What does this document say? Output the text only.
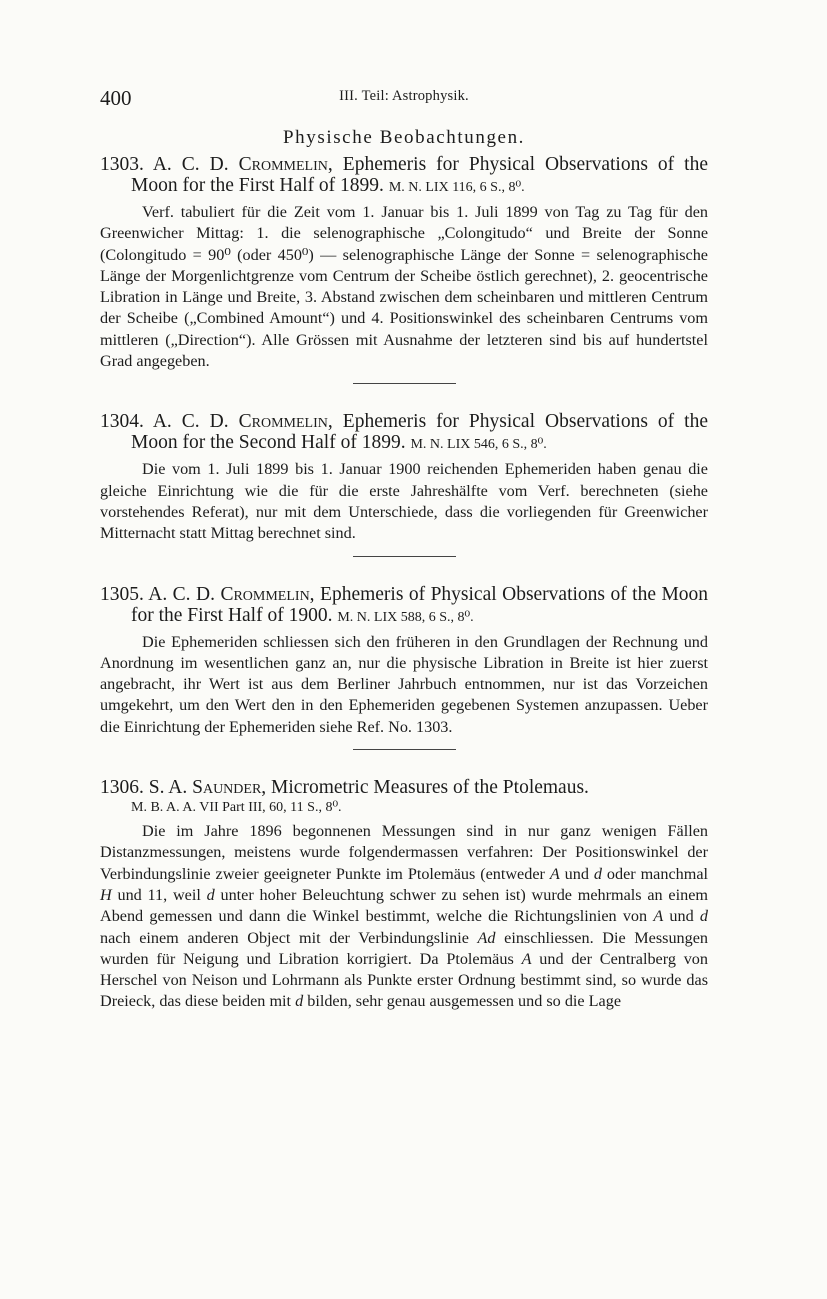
400	III. Teil: Astrophysik.
Physische Beobachtungen.

1303. A. C. D. Crommelin, Ephemeris for Physical Observations of the Moon for the First Half of 1899. M. N. LIX 116, 6 S., 8⁰.

Verf. tabuliert für die Zeit vom 1. Januar bis 1. Juli 1899 von Tag zu Tag für den Greenwicher Mittag: 1. die selenographische „Colongitudo“ und Breite der Sonne (Colongitudo = 90⁰ (oder 450⁰) — selenographische Länge der Sonne = selenographische Länge der Morgenlichtgrenze vom Centrum der Scheibe östlich gerechnet), 2. geocentrische Libration in Länge und Breite, 3. Abstand zwischen dem scheinbaren und mittleren Centrum der Scheibe („Combined Amount“) und 4. Positionswinkel des scheinbaren Centrums vom mittleren („Direction“). Alle Grössen mit Ausnahme der letzteren sind bis auf hundertstel Grad angegeben.

1304. A. C. D. Crommelin, Ephemeris for Physical Observations of the Moon for the Second Half of 1899. M. N. LIX 546, 6 S., 8⁰.

Die vom 1. Juli 1899 bis 1. Januar 1900 reichenden Ephemeriden haben genau die gleiche Einrichtung wie die für die erste Jahreshälfte vom Verf. berechneten (siehe vorstehendes Referat), nur mit dem Unterschiede, dass die vorliegenden für Greenwicher Mitternacht statt Mittag berechnet sind.

1305. A. C. D. Crommelin, Ephemeris of Physical Observations of the Moon for the First Half of 1900. M. N. LIX 588, 6 S., 8⁰.

Die Ephemeriden schliessen sich den früheren in den Grundlagen der Rechnung und Anordnung im wesentlichen ganz an, nur die physische Libration in Breite ist hier zuerst angebracht, ihr Wert ist aus dem Berliner Jahrbuch entnommen, nur ist das Vorzeichen umgekehrt, um den Wert den in den Ephemeriden gegebenen Systemen anzupassen. Ueber die Einrichtung der Ephemeriden siehe Ref. No. 1303.

1306. S. A. Saunder, Micrometric Measures of the Ptolemaus.
M. B. A. A. VII Part III, 60, 11 S., 8⁰.

Die im Jahre 1896 begonnenen Messungen sind in nur ganz wenigen Fällen Distanzmessungen, meistens wurde folgendermassen verfahren: Der Positionswinkel der Verbindungslinie zweier geeigneter Punkte im Ptolemäus (entweder A und d oder manchmal H und 11, weil d unter hoher Beleuchtung schwer zu sehen ist) wurde mehrmals an einem Abend gemessen und dann die Winkel bestimmt, welche die Richtungslinien von A und d nach einem anderen Object mit der Verbindungslinie Ad einschliessen. Die Messungen wurden für Neigung und Libration korrigiert. Da Ptolemäus A und der Centralberg von Herschel von Neison und Lohrmann als Punkte erster Ordnung bestimmt sind, so wurde das Dreieck, das diese beiden mit d bilden, sehr genau ausgemessen und so die Lage
